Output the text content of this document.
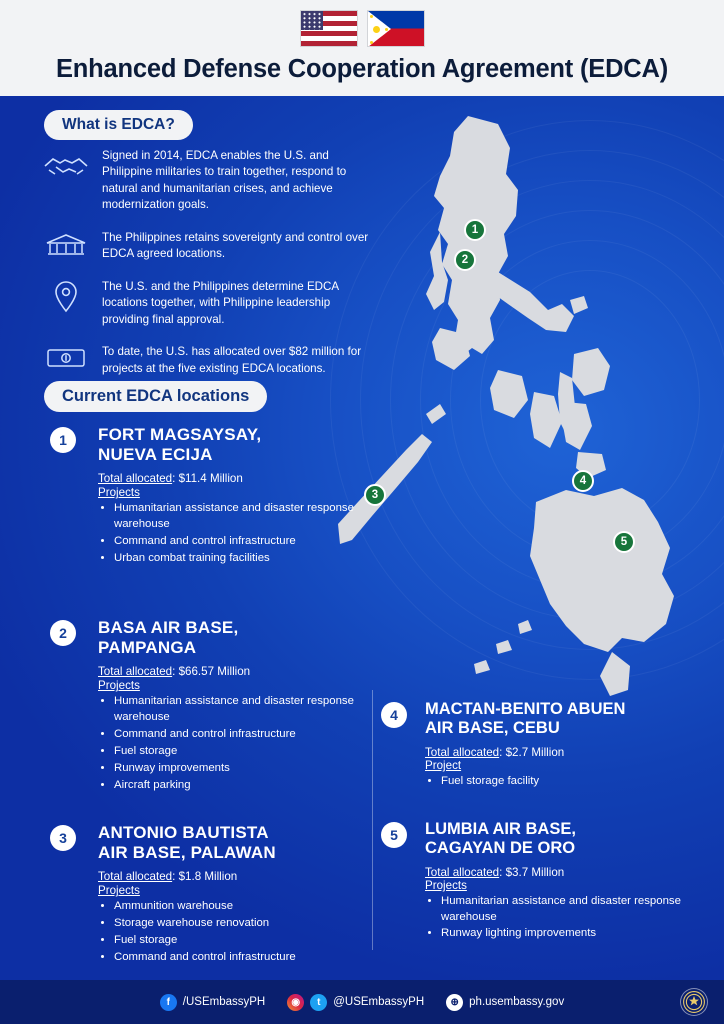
Enhanced Defense Cooperation Agreement (EDCA)
1
2
3
4
5
What is EDCA?
Signed in 2014, EDCA enables the U.S. and Philippine militaries to train together, respond to natural and humanitarian crises, and achieve modernization goals.
The Philippines retains sovereignty and control over EDCA agreed locations.
The U.S. and the Philippines determine EDCA locations together, with Philippine leadership providing final approval.
To date, the U.S. has allocated over $82 million for projects at the five existing EDCA locations.
Current EDCA locations
1	FORT MAGSAYSAY,
NUEVA ECIJA
Total allocated: $11.4 Million
Projects
• Humanitarian assistance and disaster response warehouse
• Command and control infrastructure
• Urban combat training facilities
2	BASA AIR BASE,
PAMPANGA
Total allocated: $66.57 Million
Projects
• Humanitarian assistance and disaster response warehouse
• Command and control infrastructure
• Fuel storage
• Runway improvements
• Aircraft parking
3	ANTONIO BAUTISTA
AIR BASE, PALAWAN
Total allocated: $1.8 Million
Projects
• Ammunition warehouse
• Storage warehouse renovation
• Fuel storage
• Command and control infrastructure
4	MACTAN-BENITO ABUEN
AIR BASE, CEBU
Total allocated: $2.7 Million
Project
• Fuel storage facility
5	LUMBIA AIR BASE,
CAGAYAN DE ORO
Total allocated: $3.7 Million
Projects
• Humanitarian assistance and disaster response warehouse
• Runway lighting improvements
f	/USEmbassyPH	◉	t	@USEmbassyPH	⊕ ph.usembassy.gov
